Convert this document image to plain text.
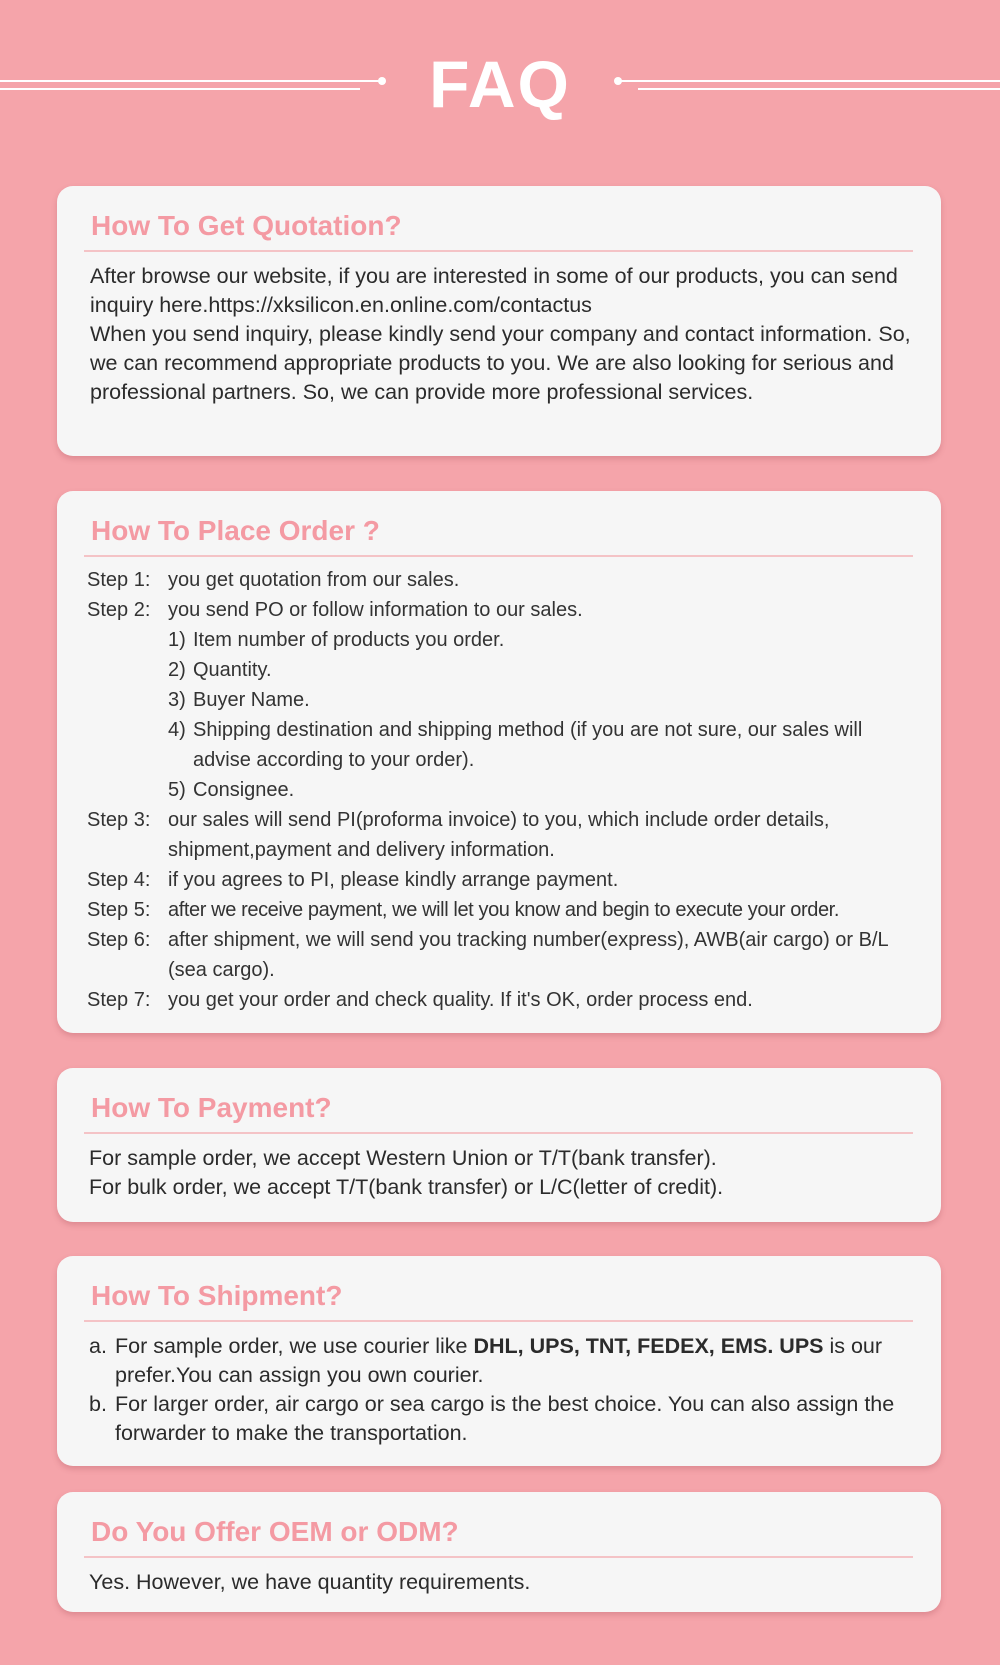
FAQ
How To Get Quotation?
After browse our website, if you are interested in some of our products, you can send inquiry here.https://xksilicon.en.online.com/contactus
When you send inquiry, please kindly send your company and contact information. So, we can recommend appropriate products to you. We are also looking for serious and professional partners. So, we can provide more professional services.
How To Place Order ?
Step 1: you get quotation from our sales.
Step 2: you send PO or follow information to our sales.
1) Item number of products you order.
2) Quantity.
3) Buyer Name.
4) Shipping destination and shipping method (if you are not sure, our sales will advise according to your order).
5) Consignee.
Step 3: our sales will send PI(proforma invoice) to you, which include order details, shipment,payment and delivery information.
Step 4: if you agrees to PI, please kindly arrange payment.
Step 5: after we receive payment, we will let you know and begin to execute your order.
Step 6: after shipment, we will send you tracking number(express), AWB(air cargo) or B/L (sea cargo).
Step 7: you get your order and check quality. If it's OK, order process end.
How To Payment?
For sample order, we accept Western Union or T/T(bank transfer).
For bulk order, we accept T/T(bank transfer) or L/C(letter of credit).
How To Shipment?
a. For sample order, we use courier like DHL, UPS, TNT, FEDEX, EMS. UPS is our prefer.You can assign you own courier.
b. For larger order, air cargo or sea cargo is the best choice. You can also assign the forwarder to make the transportation.
Do You Offer OEM or ODM?
Yes. However, we have quantity requirements.
